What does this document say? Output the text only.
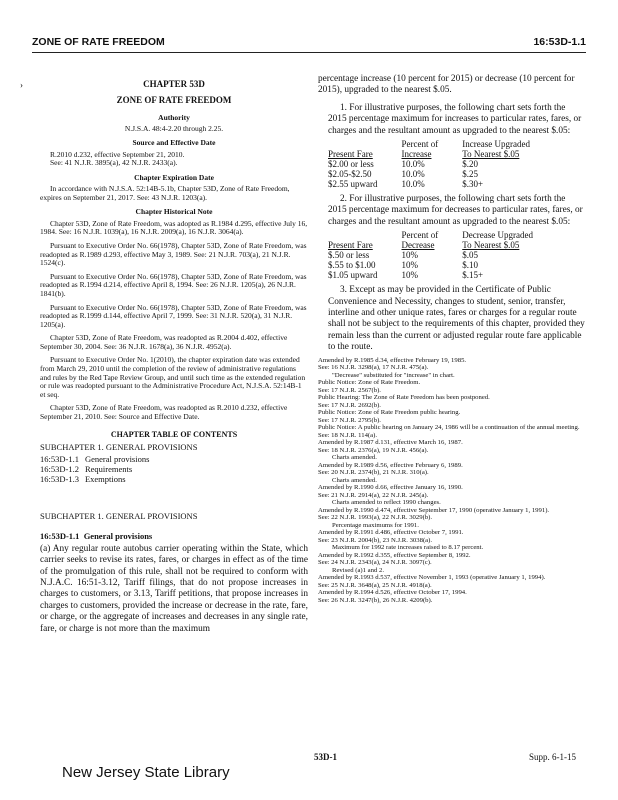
ZONE OF RATE FREEDOM	16:53D-1.1
›	CHAPTER 53D
ZONE OF RATE FREEDOM
Authority
N.J.S.A. 48:4-2.20 through 2.25.
Source and Effective Date
R.2010 d.232, effective September 21, 2010.
See: 41 N.J.R. 3895(a), 42 N.J.R. 2433(a).
Chapter Expiration Date
In accordance with N.J.S.A. 52:14B-5.1b, Chapter 53D, Zone of Rate Freedom, expires on September 21, 2017. See: 43 N.J.R. 1203(a).
Chapter Historical Note
Chapter 53D, Zone of Rate Freedom, was adopted as R.1984 d.295, effective July 16, 1984. See: 16 N.J.R. 1039(a), 16 N.J.R. 2009(a), 16 N.J.R. 3064(a).
Pursuant to Executive Order No. 66(1978), Chapter 53D, Zone of Rate Freedom, was readopted as R.1989 d.293, effective May 3, 1989. See: 21 N.J.R. 703(a), 21 N.J.R. 1524(c).
Pursuant to Executive Order No. 66(1978), Chapter 53D, Zone of Rate Freedom, was readopted as R.1994 d.214, effective April 8, 1994. See: 26 N.J.R. 1205(a), 26 N.J.R. 1841(b).
Pursuant to Executive Order No. 66(1978), Chapter 53D, Zone of Rate Freedom, was readopted as R.1999 d.144, effective April 7, 1999. See: 31 N.J.R. 520(a), 31 N.J.R. 1205(a).
Chapter 53D, Zone of Rate Freedom, was readopted as R.2004 d.402, effective September 30, 2004. See: 36 N.J.R. 1678(a), 36 N.J.R. 4952(a).
Pursuant to Executive Order No. 1(2010), the chapter expiration date was extended from March 29, 2010 until the completion of the review of administrative regulations and rules by the Red Tape Review Group, and until such time as the extended regulation or rule was readopted pursuant to the Administrative Procedure Act, N.J.S.A. 52:14B-1 et seq.
Chapter 53D, Zone of Rate Freedom, was readopted as R.2010 d.232, effective September 21, 2010. See: Source and Effective Date.
CHAPTER TABLE OF CONTENTS
SUBCHAPTER 1. GENERAL PROVISIONS
16:53D-1.1	General provisions
16:53D-1.2	Requirements
16:53D-1.3	Exemptions
SUBCHAPTER 1. GENERAL PROVISIONS
16:53D-1.1 General provisions
(a) Any regular route autobus carrier operating within the State, which carrier seeks to revise its rates, fares, or charges in effect as of the time of the promulgation of this rule, shall not be required to conform with N.J.A.C. 16:51-3.12, Tariff filings, that do not propose increases in charges to customers, or 3.13, Tariff petitions, that propose increases in charges to customers, provided the increase or decrease in the rate, fare, or charge, or the aggregate of increases and decreases in any single rate, fare, or charge is not more than the maximum
percentage increase (10 percent for 2015) or decrease (10 percent for 2015), upgraded to the nearest $.05.
1. For illustrative purposes, the following chart sets forth the 2015 percentage maximum for increases to particular rates, fares, or charges and the resultant amount as upgraded to the nearest $.05:
	Percent of	Increase Upgraded
Present Fare	Increase	To Nearest $.05
$2.00 or less	10.0%	$.20
$2.05-$2.50	10.0%	$.25
$2.55 upward	10.0%	$.30+
2. For illustrative purposes, the following chart sets forth the 2015 percentage maximum for decreases to particular rates, fares, or charges and the resultant amount as upgraded to the nearest $.05:
	Percent of	Decrease Upgraded
Present Fare	Decrease	To Nearest $.05
$.50 or less	10%	$.05
$.55 to $1.00	10%	$.10
$1.05 upward	10%	$.15+
3. Except as may be provided in the Certificate of Public Convenience and Necessity, changes to student, senior, transfer, interline and other unique rates, fares or charges for a regular route shall not be subject to the requirements of this chapter, provided they remain less than the current or adjusted regular route fare applicable to the route.
Amended by R.1985 d.34, effective February 19, 1985.
See: 16 N.J.R. 3298(a), 17 N.J.R. 475(a).
"Decrease" substituted for "increase" in chart.
Public Notice: Zone of Rate Freedom.
See: 17 N.J.R. 2567(b).
Public Hearing: The Zone of Rate Freedom has been postponed.
See: 17 N.J.R. 2692(b).
Public Notice: Zone of Rate Freedom public hearing.
See: 17 N.J.R. 2795(b).
Public Notice: A public hearing on January 24, 1986 will be a continuation of the annual meeting.
See: 18 N.J.R. 114(a).
Amended by R.1987 d.131, effective March 16, 1987.
See: 18 N.J.R. 2376(a), 19 N.J.R. 456(a).
Charts amended.
Amended by R.1989 d.56, effective February 6, 1989.
See: 20 N.J.R. 2374(b), 21 N.J.R. 310(a).
Charts amended.
Amended by R.1990 d.66, effective January 16, 1990.
See: 21 N.J.R. 2914(a), 22 N.J.R. 245(a).
Charts amended to reflect 1990 changes.
Amended by R.1990 d.474, effective September 17, 1990 (operative January 1, 1991).
See: 22 N.J.R. 1993(a), 22 N.J.R. 3029(b).
Percentage maximums for 1991.
Amended by R.1991 d.486, effective October 7, 1991.
See: 23 N.J.R. 2004(b), 23 N.J.R. 3038(a).
Maximum for 1992 rate increases raised to 8.17 percent.
Amended by R.1992 d.355, effective September 8, 1992.
See: 24 N.J.R. 2343(a), 24 N.J.R. 3097(c).
Revised (a)1 and 2.
Amended by R.1993 d.537, effective November 1, 1993 (operative January 1, 1994).
See: 25 N.J.R. 3648(a), 25 N.J.R. 4918(a).
Amended by R.1994 d.526, effective October 17, 1994.
See: 26 N.J.R. 3247(b), 26 N.J.R. 4209(b).
New Jersey State Library
53D-1	Supp. 6-1-15
